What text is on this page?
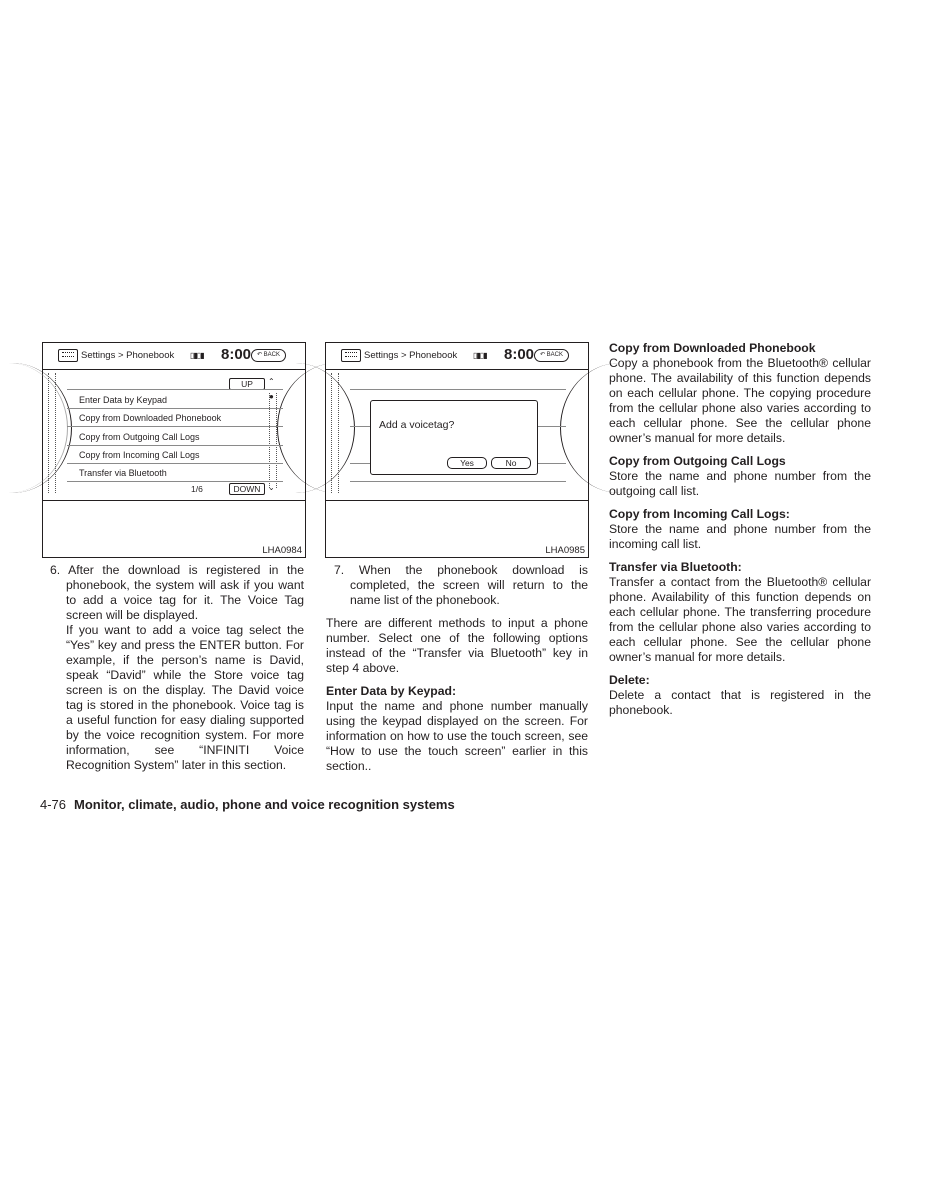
Settings > Phonebook ▯▮▯▮ 8:00 ↶ BACK
●
UP	⌃
Enter Data by Keypad
Copy from Downloaded Phonebook
Copy from Outgoing Call Logs
Copy from Incoming Call Logs
Transfer via Bluetooth
1/6	DOWN ⌄
LHA0984
Settings > Phonebook ▯▮▯▮ 8:00 ↶ BACK
Add a voicetag?
Yes	No
LHA0985
6. After the download is registered in the phonebook, the system will ask if you want to add a voice tag for it. The Voice Tag screen will be displayed.
If you want to add a voice tag select the “Yes” key and press the ENTER button. For example, if the person’s name is David, speak “David” while the Store voice tag screen is on the display. The David voice tag is stored in the phonebook. Voice tag is a useful function for easy dialing supported by the voice recognition system. For more information, see “INFINITI Voice Recognition System” later in this section.

7. When the phonebook download is completed, the screen will return to the name list of the phonebook.

There are different methods to input a phone number. Select one of the following options instead of the “Transfer via Bluetooth” key in step 4 above.

Enter Data by Keypad:

Input the name and phone number manually using the keypad displayed on the screen. For information on how to use the touch screen, see “How to use the touch screen” earlier in this section..

Copy from Downloaded Phonebook

Copy a phonebook from the Bluetooth® cellular phone. The availability of this function depends on each cellular phone. The copying procedure from the cellular phone also varies according to each cellular phone. See the cellular phone owner’s manual for more details.

Copy from Outgoing Call Logs

Store the name and phone number from the outgoing call list.

Copy from Incoming Call Logs:

Store the name and phone number from the incoming call list.

Transfer via Bluetooth:

Transfer a contact from the Bluetooth® cellular phone. Availability of this function depends on each cellular phone. The transferring procedure from the cellular phone also varies according to each cellular phone. See the cellular phone owner’s manual for more details.

Delete:

Delete a contact that is registered in the phonebook.

4-76 Monitor, climate, audio, phone and voice recognition systems
